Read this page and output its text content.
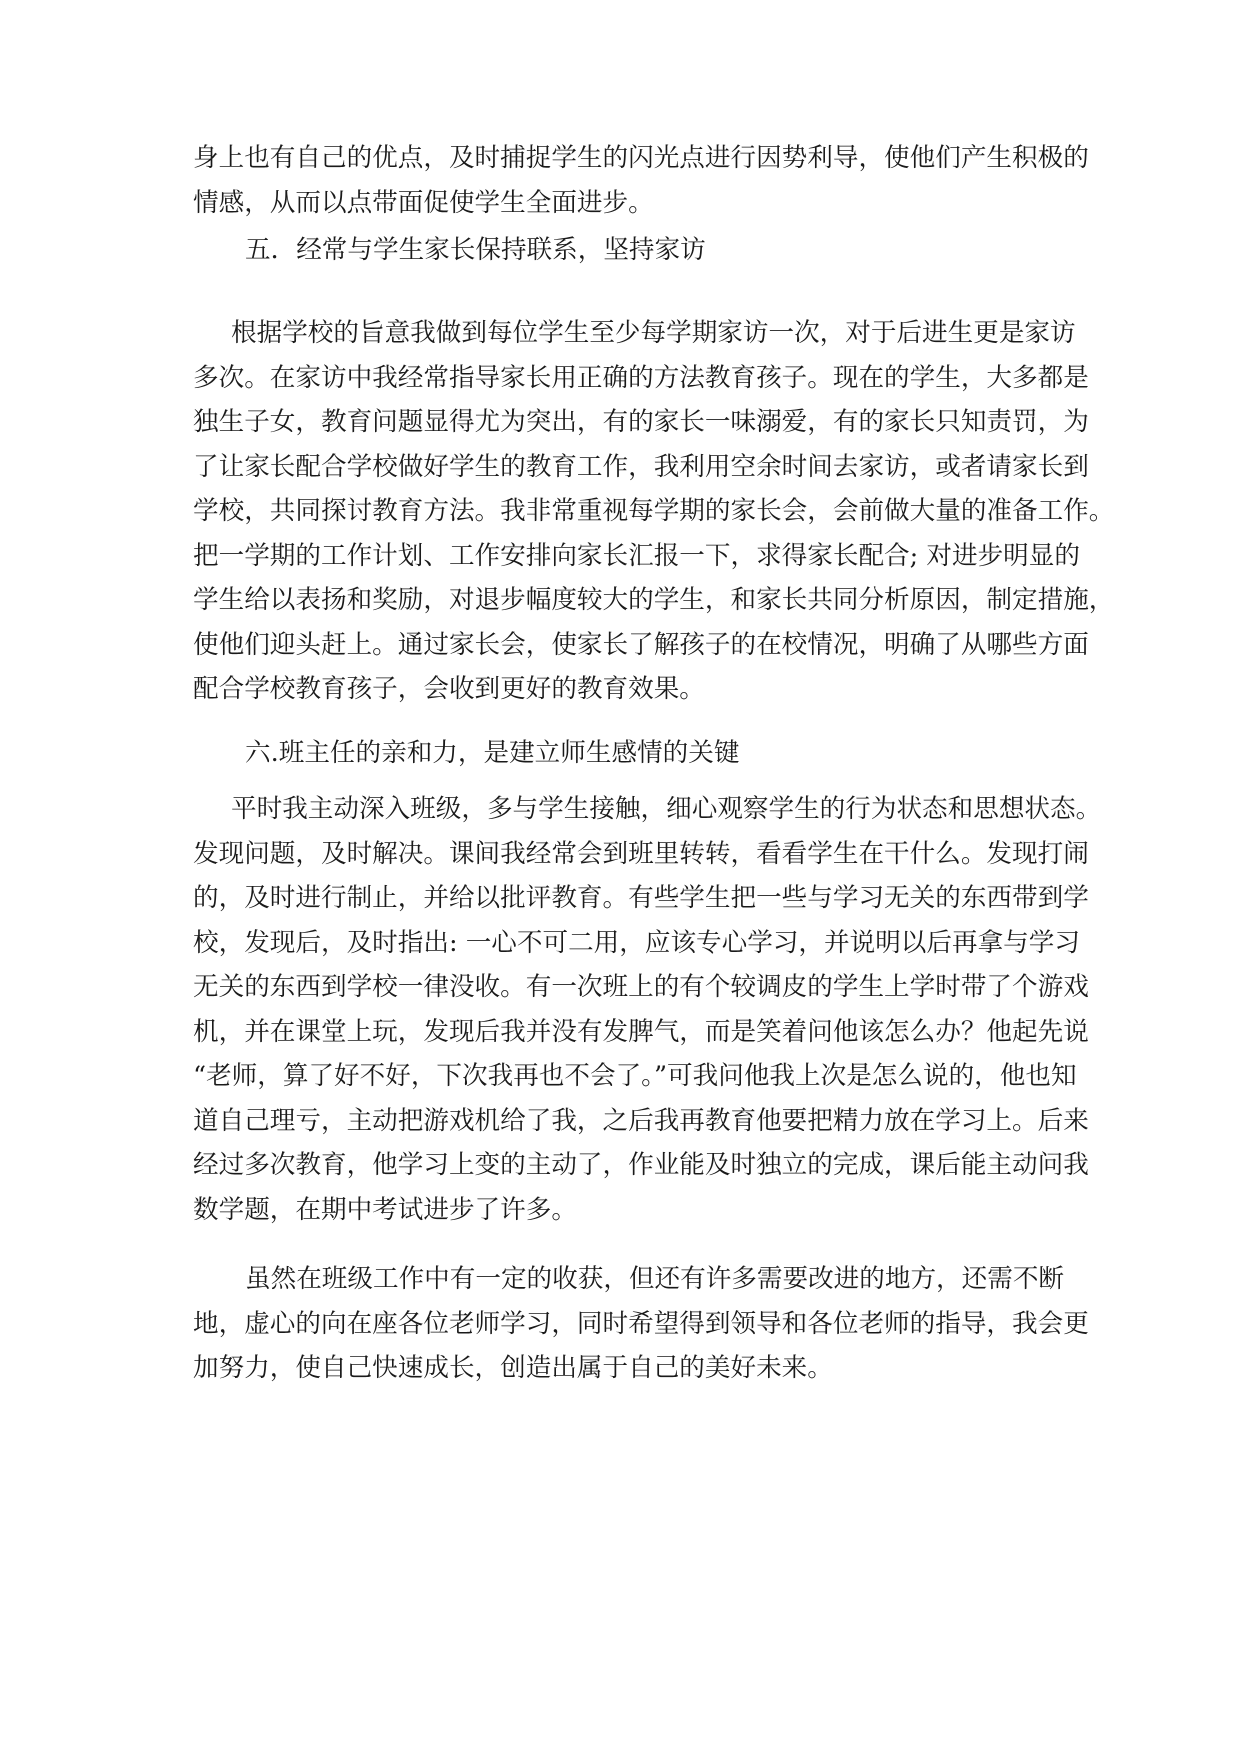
身上也有自己的优点，及时捕捉学生的闪光点进行因势利导，使他们产生积极的
情感，从而以点带面促使学生全面进步。

五．经常与学生家长保持联系，坚持家访

根据学校的旨意我做到每位学生至少每学期家访一次，对于后进生更是家访
多次。在家访中我经常指导家长用正确的方法教育孩子。现在的学生，大多都是
独生子女，教育问题显得尤为突出，有的家长一味溺爱，有的家长只知责罚，为
了让家长配合学校做好学生的教育工作，我利用空余时间去家访，或者请家长到
学校，共同探讨教育方法。我非常重视每学期的家长会，会前做大量的准备工作。
把一学期的工作计划、工作安排向家长汇报一下，求得家长配合; 对进步明显的
学生给以表扬和奖励，对退步幅度较大的学生，和家长共同分析原因，制定措施，
使他们迎头赶上。通过家长会，使家长了解孩子的在校情况，明确了从哪些方面
配合学校教育孩子，会收到更好的教育效果。

六.班主任的亲和力，是建立师生感情的关键

平时我主动深入班级，多与学生接触，细心观察学生的行为状态和思想状态。
发现问题，及时解决。课间我经常会到班里转转，看看学生在干什么。发现打闹
的，及时进行制止，并给以批评教育。有些学生把一些与学习无关的东西带到学
校，发现后，及时指出: 一心不可二用，应该专心学习，并说明以后再拿与学习
无关的东西到学校一律没收。有一次班上的有个较调皮的学生上学时带了个游戏
机，并在课堂上玩，发现后我并没有发脾气，而是笑着问他该怎么办？他起先说
“老师，算了好不好，下次我再也不会了。”可我问他我上次是怎么说的，他也知
道自己理亏，主动把游戏机给了我，之后我再教育他要把精力放在学习上。后来
经过多次教育，他学习上变的主动了，作业能及时独立的完成，课后能主动问我
数学题，在期中考试进步了许多。

虽然在班级工作中有一定的收获，但还有许多需要改进的地方，还需不断
地，虚心的向在座各位老师学习，同时希望得到领导和各位老师的指导，我会更
加努力，使自己快速成长，创造出属于自己的美好未来。
